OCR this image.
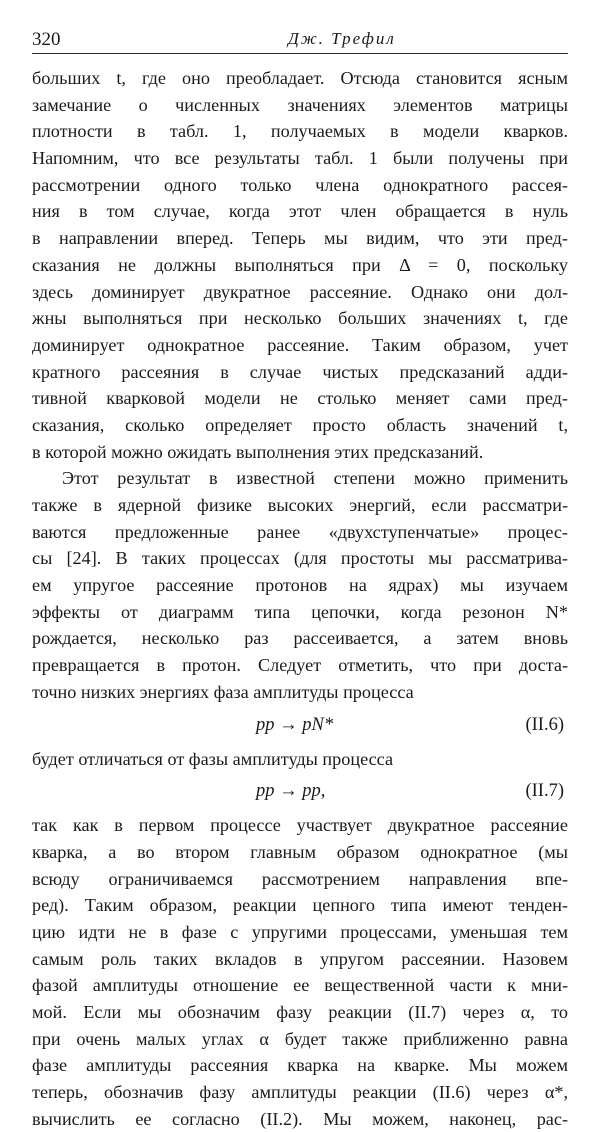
320	Дж. Трефил
больших t, где оно преобладает. Отсюда становится ясным
замечание о численных значениях элементов матрицы
плотности в табл. 1, получаемых в модели кварков.
Напомним, что все результаты табл. 1 были получены при
рассмотрении одного только члена однократного рассея-
ния в том случае, когда этот член обращается в нуль
в направлении вперед. Теперь мы видим, что эти пред-
сказания не должны выполняться при Δ = 0, поскольку
здесь доминирует двукратное рассеяние. Однако они дол-
жны выполняться при несколько больших значениях t, где
доминирует однократное рассеяние. Таким образом, учет
кратного рассеяния в случае чистых предсказаний адди-
тивной кварковой модели не столько меняет сами пред-
сказания, сколько определяет просто область значений t,
в которой можно ожидать выполнения этих предсказаний.
Этот результат в известной степени можно применить
также в ядерной физике высоких энергий, если рассматри-
ваются предложенные ранее «двухступенчатые» процес-
сы [24]. В таких процессах (для простоты мы рассматрива-
ем упругое рассеяние протонов на ядрах) мы изучаем
эффекты от диаграмм типа цепочки, когда резонон N*
рождается, несколько раз рассеивается, а затем вновь
превращается в протон. Следует отметить, что при доста-
точно низких энергиях фаза амплитуды процесса
pp → pN*	(II.6)
будет отличаться от фазы амплитуды процесса
pp → pp,	(II.7)
так как в первом процессе участвует двукратное рассеяние
кварка, а во втором главным образом однократное (мы
всюду ограничиваемся рассмотрением направления впе-
ред). Таким образом, реакции цепного типа имеют тенден-
цию идти не в фазе с упругими процессами, уменьшая тем
самым роль таких вкладов в упругом рассеянии. Назовем
фазой амплитуды отношение ее вещественной части к мни-
мой. Если мы обозначим фазу реакции (II.7) через α, то
при очень малых углах α будет также приближенно равна
фазе амплитуды рассеяния кварка на кварке. Мы можем
теперь, обозначив фазу амплитуды реакции (II.6) через α*,
вычислить ее согласно (II.2). Мы можем, наконец, рас-
